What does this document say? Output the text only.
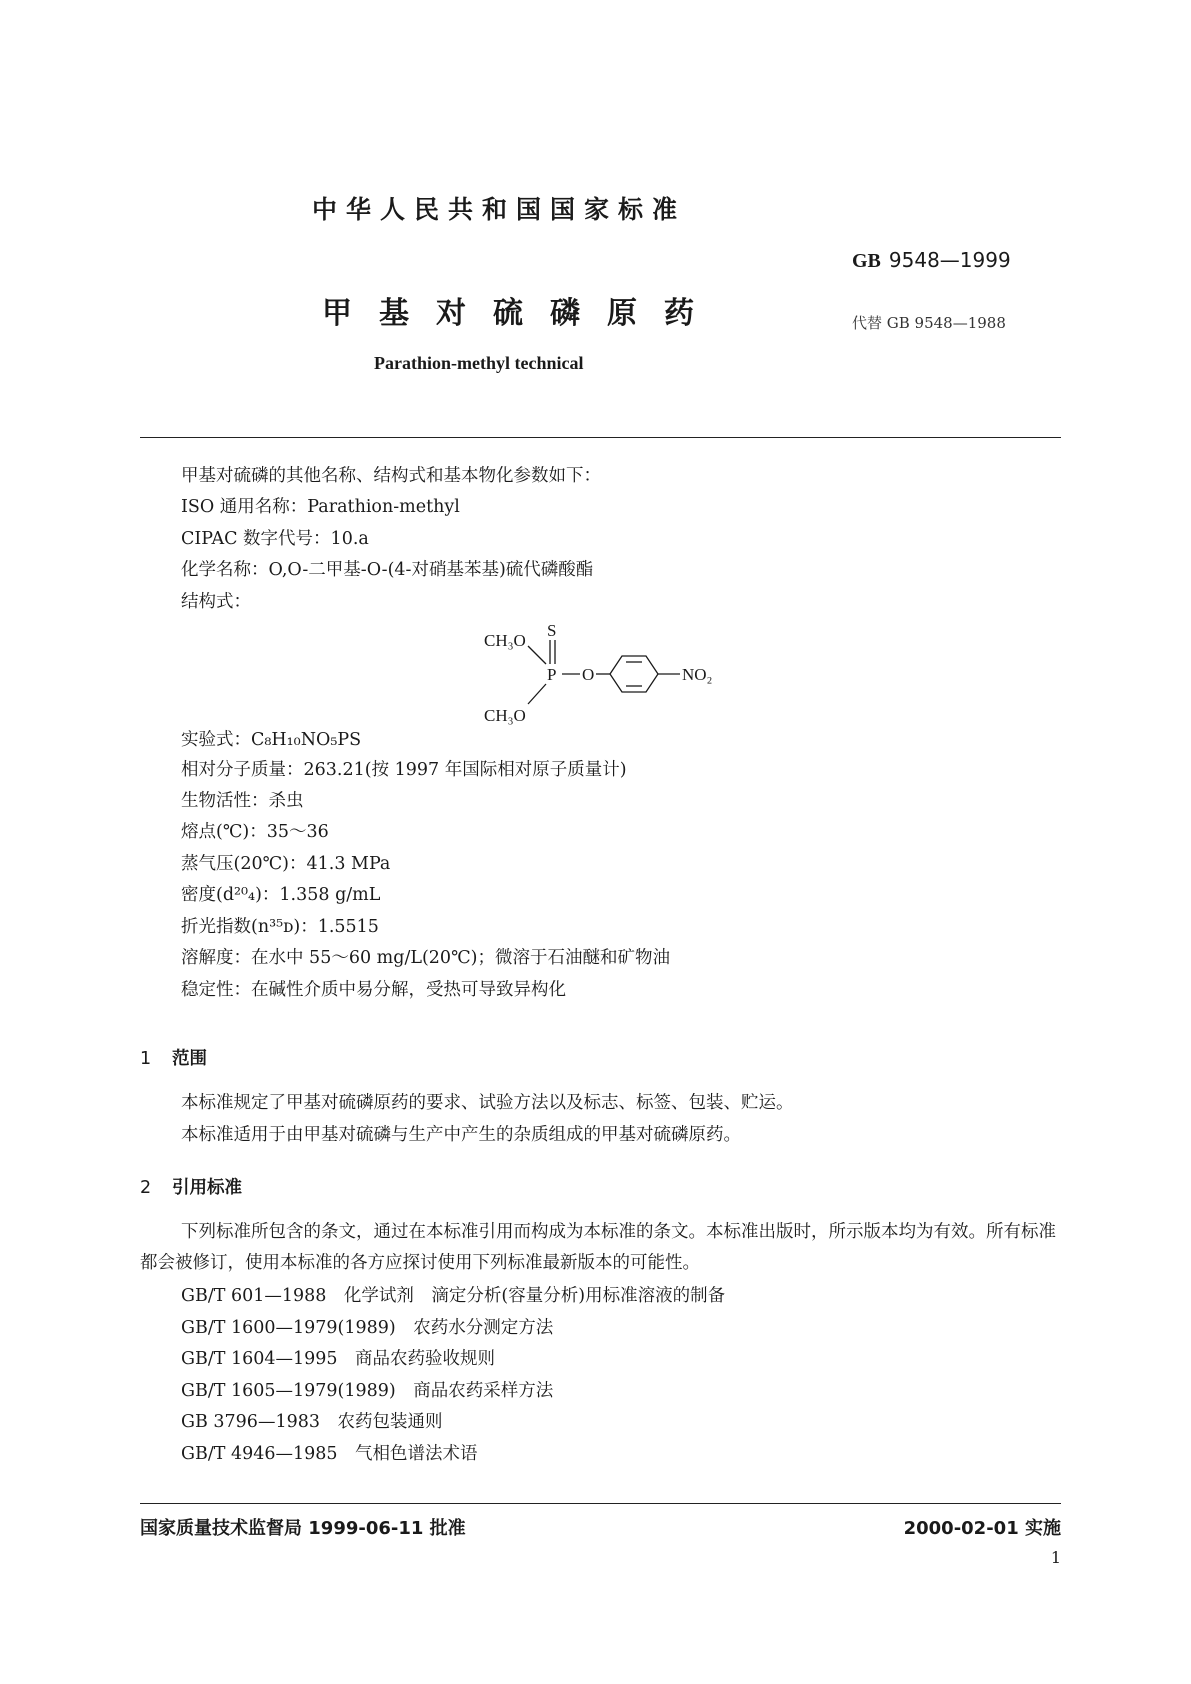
中华人民共和国国家标准
GB 9548—1999
甲基对硫磷原药	代替 GB 9548—1988
Parathion-methyl technical
甲基对硫磷的其他名称、结构式和基本物化参数如下：
ISO 通用名称：Parathion-methyl
CIPAC 数字代号：10.a
化学名称：O,O-二甲基-O-(4-对硝基苯基)硫代磷酸酯
结构式：
CH₃O
CH₃O
S
P O	NO₂
实验式：C₈H₁₀NO₅PS
相对分子质量：263.21(按 1997 年国际相对原子质量计)
生物活性：杀虫
熔点(℃)：35～36
蒸气压(20℃)：41.3 MPa
密度(d²⁰₄)：1.358 g/mL
折光指数(n³⁵ᴅ)：1.5515
溶解度：在水中 55～60 mg/L(20℃)；微溶于石油醚和矿物油
稳定性：在碱性介质中易分解，受热可导致异构化
1 范围
本标准规定了甲基对硫磷原药的要求、试验方法以及标志、标签、包装、贮运。
本标准适用于由甲基对硫磷与生产中产生的杂质组成的甲基对硫磷原药。
2 引用标准
下列标准所包含的条文，通过在本标准引用而构成为本标准的条文。本标准出版时，所示版本均为有效。所有标准都会被修订，使用本标准的各方应探讨使用下列标准最新版本的可能性。
GB/T 601—1988　 化学试剂　滴定分析(容量分析)用标准溶液的制备
GB/T 1600—1979(1989)　 农药水分测定方法
GB/T 1604—1995　 商品农药验收规则
GB/T 1605—1979(1989)　 商品农药采样方法
GB 3796—1983　 农药包装通则
GB/T 4946—1985　 气相色谱法术语
国家质量技术监督局 1999-06-11 批准	2000-02-01 实施
1
